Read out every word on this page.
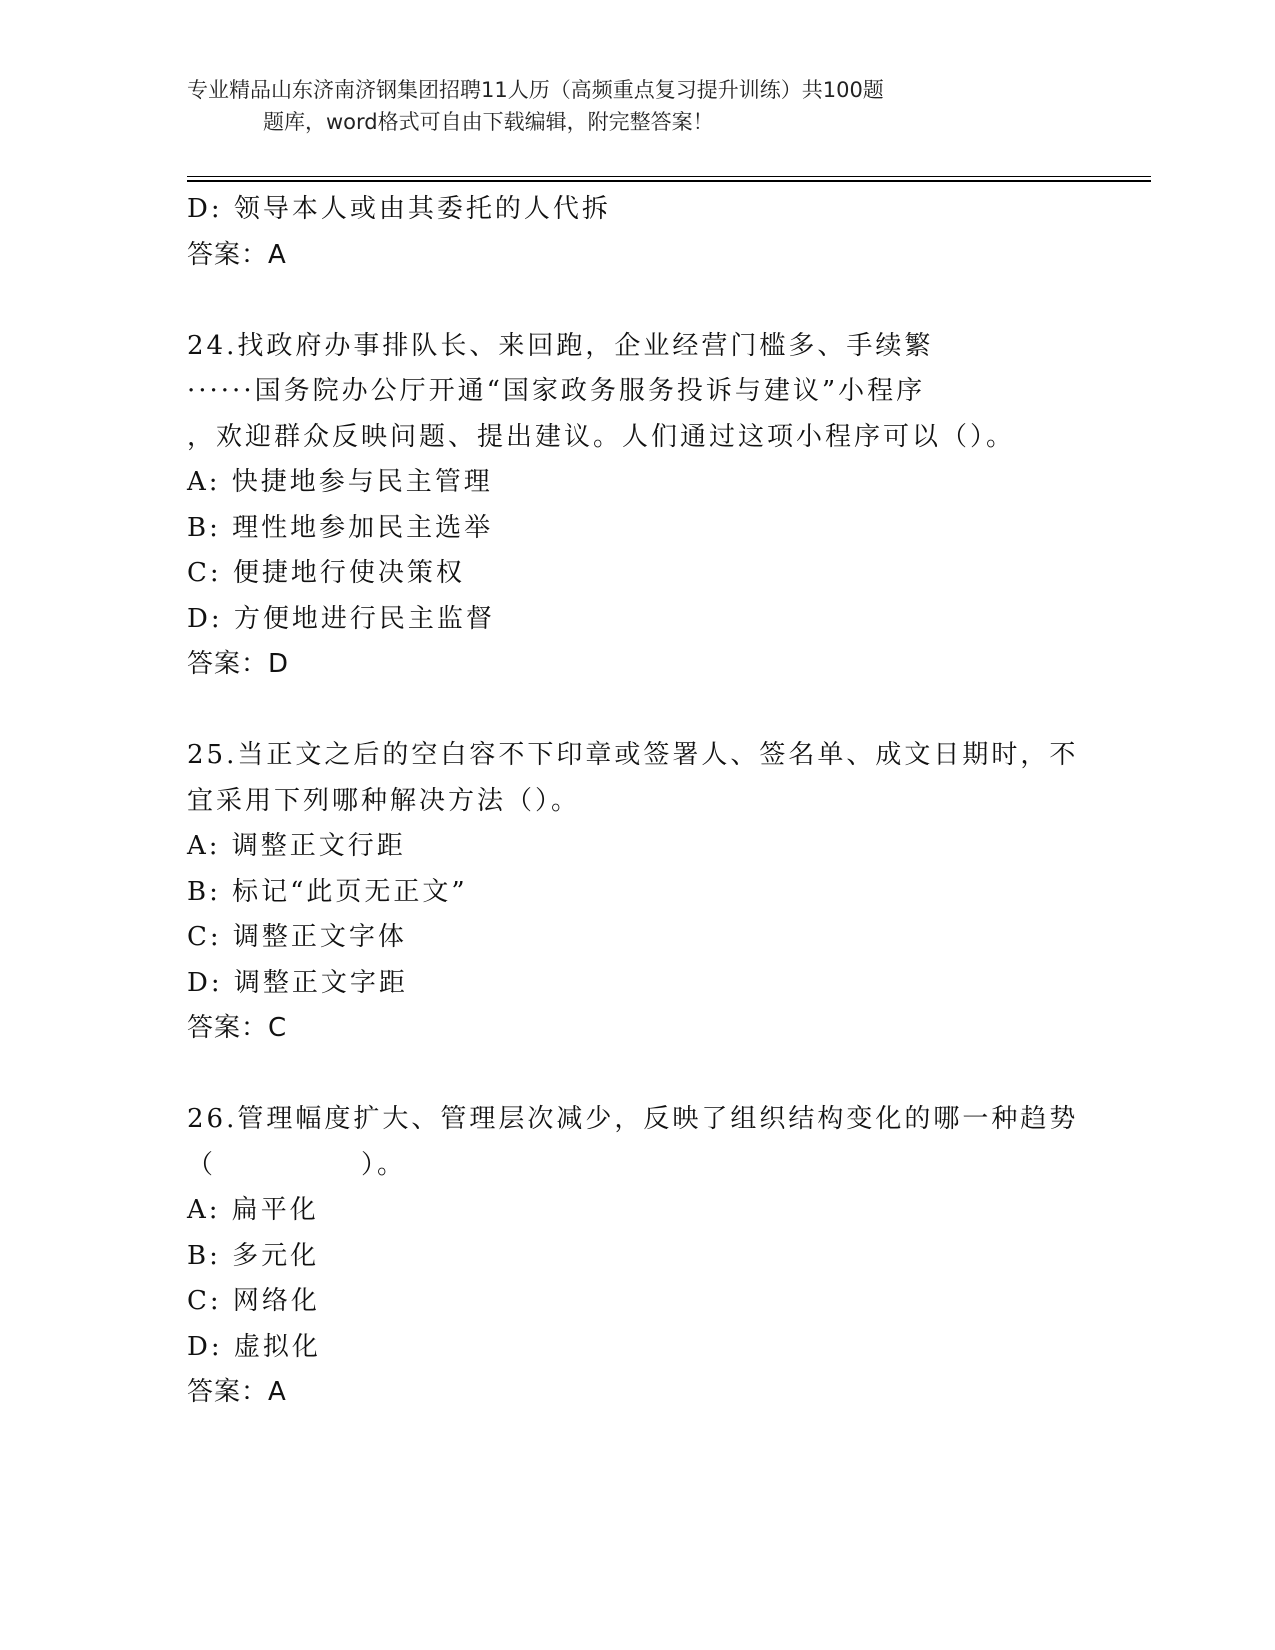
专业精品山东济南济钢集团招聘11人历（高频重点复习提升训练）共100题
题库，word格式可自由下载编辑，附完整答案！
D: 领导本人或由其委托的人代拆
答案：A
24.找政府办事排队长、来回跑，企业经营门槛多、手续繁
······国务院办公厅开通“国家政务服务投诉与建议”小程序
，欢迎群众反映问题、提出建议。人们通过这项小程序可以（）。
A: 快捷地参与民主管理
B: 理性地参加民主选举
C: 便捷地行使决策权
D: 方便地进行民主监督
答案：D
25.当正文之后的空白容不下印章或签署人、签名单、成文日期时，不
宜采用下列哪种解决方法（）。
A: 调整正文行距
B: 标记“此页无正文”
C: 调整正文字体
D: 调整正文字距
答案：C
26.管理幅度扩大、管理层次减少，反映了组织结构变化的哪一种趋势
（　　　　　）。
A: 扁平化
B: 多元化
C: 网络化
D: 虚拟化
答案：A
